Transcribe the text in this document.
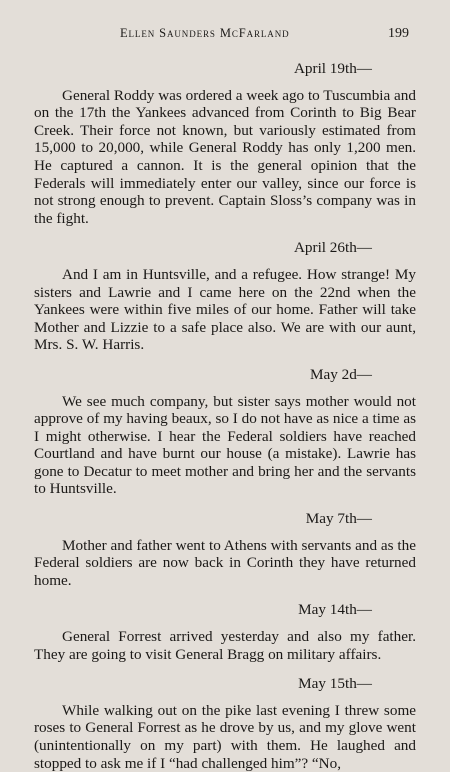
Ellen Saunders McFarland	199
April 19th—

General Roddy was ordered a week ago to Tuscumbia and on the 17th the Yankees advanced from Corinth to Big Bear Creek. Their force not known, but variously estimated from 15,000 to 20,000, while General Roddy has only 1,200 men. He captured a cannon. It is the general opinion that the Federals will immediately enter our valley, since our force is not strong enough to prevent. Captain Sloss’s company was in the fight.

April 26th—

And I am in Huntsville, and a refugee. How strange! My sisters and Lawrie and I came here on the 22nd when the Yankees were within five miles of our home. Father will take Mother and Lizzie to a safe place also. We are with our aunt, Mrs. S. W. Harris.

May 2d—

We see much company, but sister says mother would not approve of my having beaux, so I do not have as nice a time as I might otherwise. I hear the Federal soldiers have reached Courtland and have burnt our house (a mistake). Lawrie has gone to Decatur to meet mother and bring her and the servants to Huntsville.

May 7th—

Mother and father went to Athens with servants and as the Federal soldiers are now back in Corinth they have returned home.

May 14th—

General Forrest arrived yesterday and also my father. They are going to visit General Bragg on military affairs.

May 15th—

While walking out on the pike last evening I threw some roses to General Forrest as he drove by us, and my glove went (unintentionally on my part) with them. He laughed and stopped to ask me if I “had challenged him”? “No,
